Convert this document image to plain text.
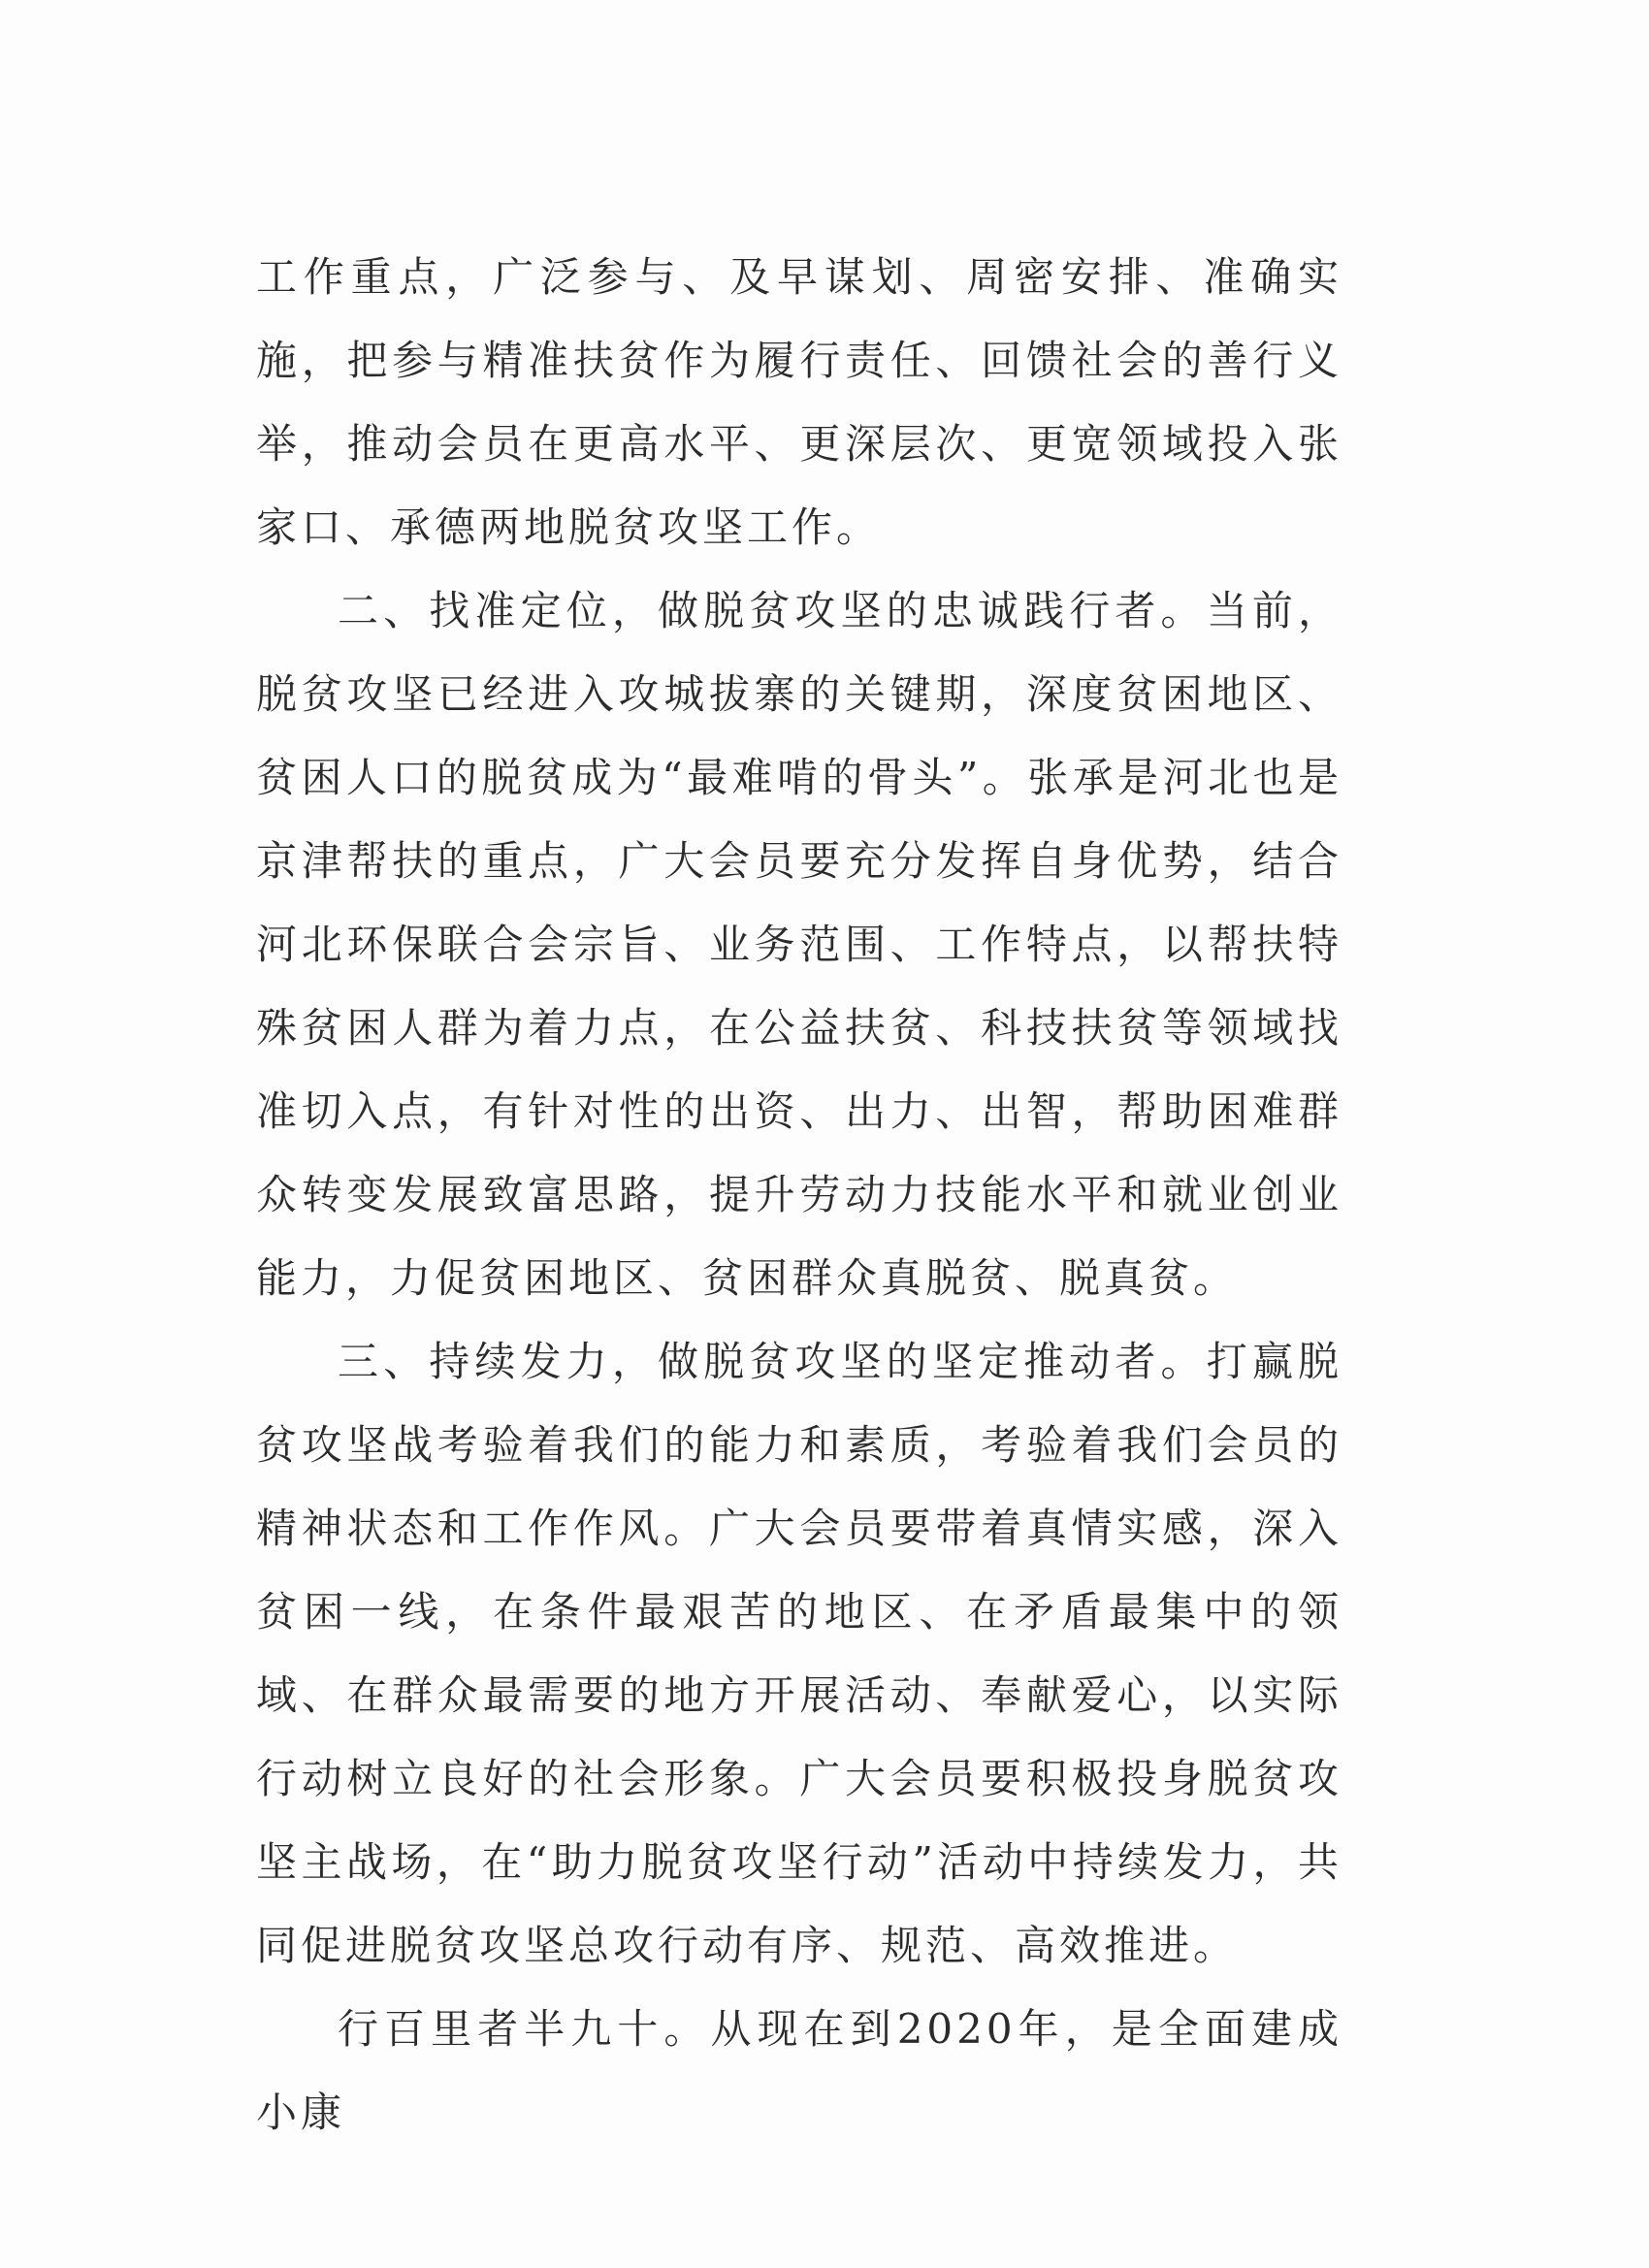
工作重点，广泛参与、及早谋划、周密安排、准确实施，把参与精准扶贫作为履行责任、回馈社会的善行义举，推动会员在更高水平、更深层次、更宽领域投入张家口、承德两地脱贫攻坚工作。

二、找准定位，做脱贫攻坚的忠诚践行者。当前，脱贫攻坚已经进入攻城拔寨的关键期，深度贫困地区、贫困人口的脱贫成为“最难啃的骨头”。张承是河北也是京津帮扶的重点，广大会员要充分发挥自身优势，结合河北环保联合会宗旨、业务范围、工作特点，以帮扶特殊贫困人群为着力点，在公益扶贫、科技扶贫等领域找准切入点，有针对性的出资、出力、出智，帮助困难群众转变发展致富思路，提升劳动力技能水平和就业创业能力，力促贫困地区、贫困群众真脱贫、脱真贫。

三、持续发力，做脱贫攻坚的坚定推动者。打赢脱贫攻坚战考验着我们的能力和素质，考验着我们会员的精神状态和工作作风。广大会员要带着真情实感，深入贫困一线，在条件最艰苦的地区、在矛盾最集中的领域、在群众最需要的地方开展活动、奉献爱心，以实际行动树立良好的社会形象。广大会员要积极投身脱贫攻坚主战场，在“助力脱贫攻坚行动”活动中持续发力，共同促进脱贫攻坚总攻行动有序、规范、高效推进。

行百里者半九十。从现在到2020年，是全面建成小康
